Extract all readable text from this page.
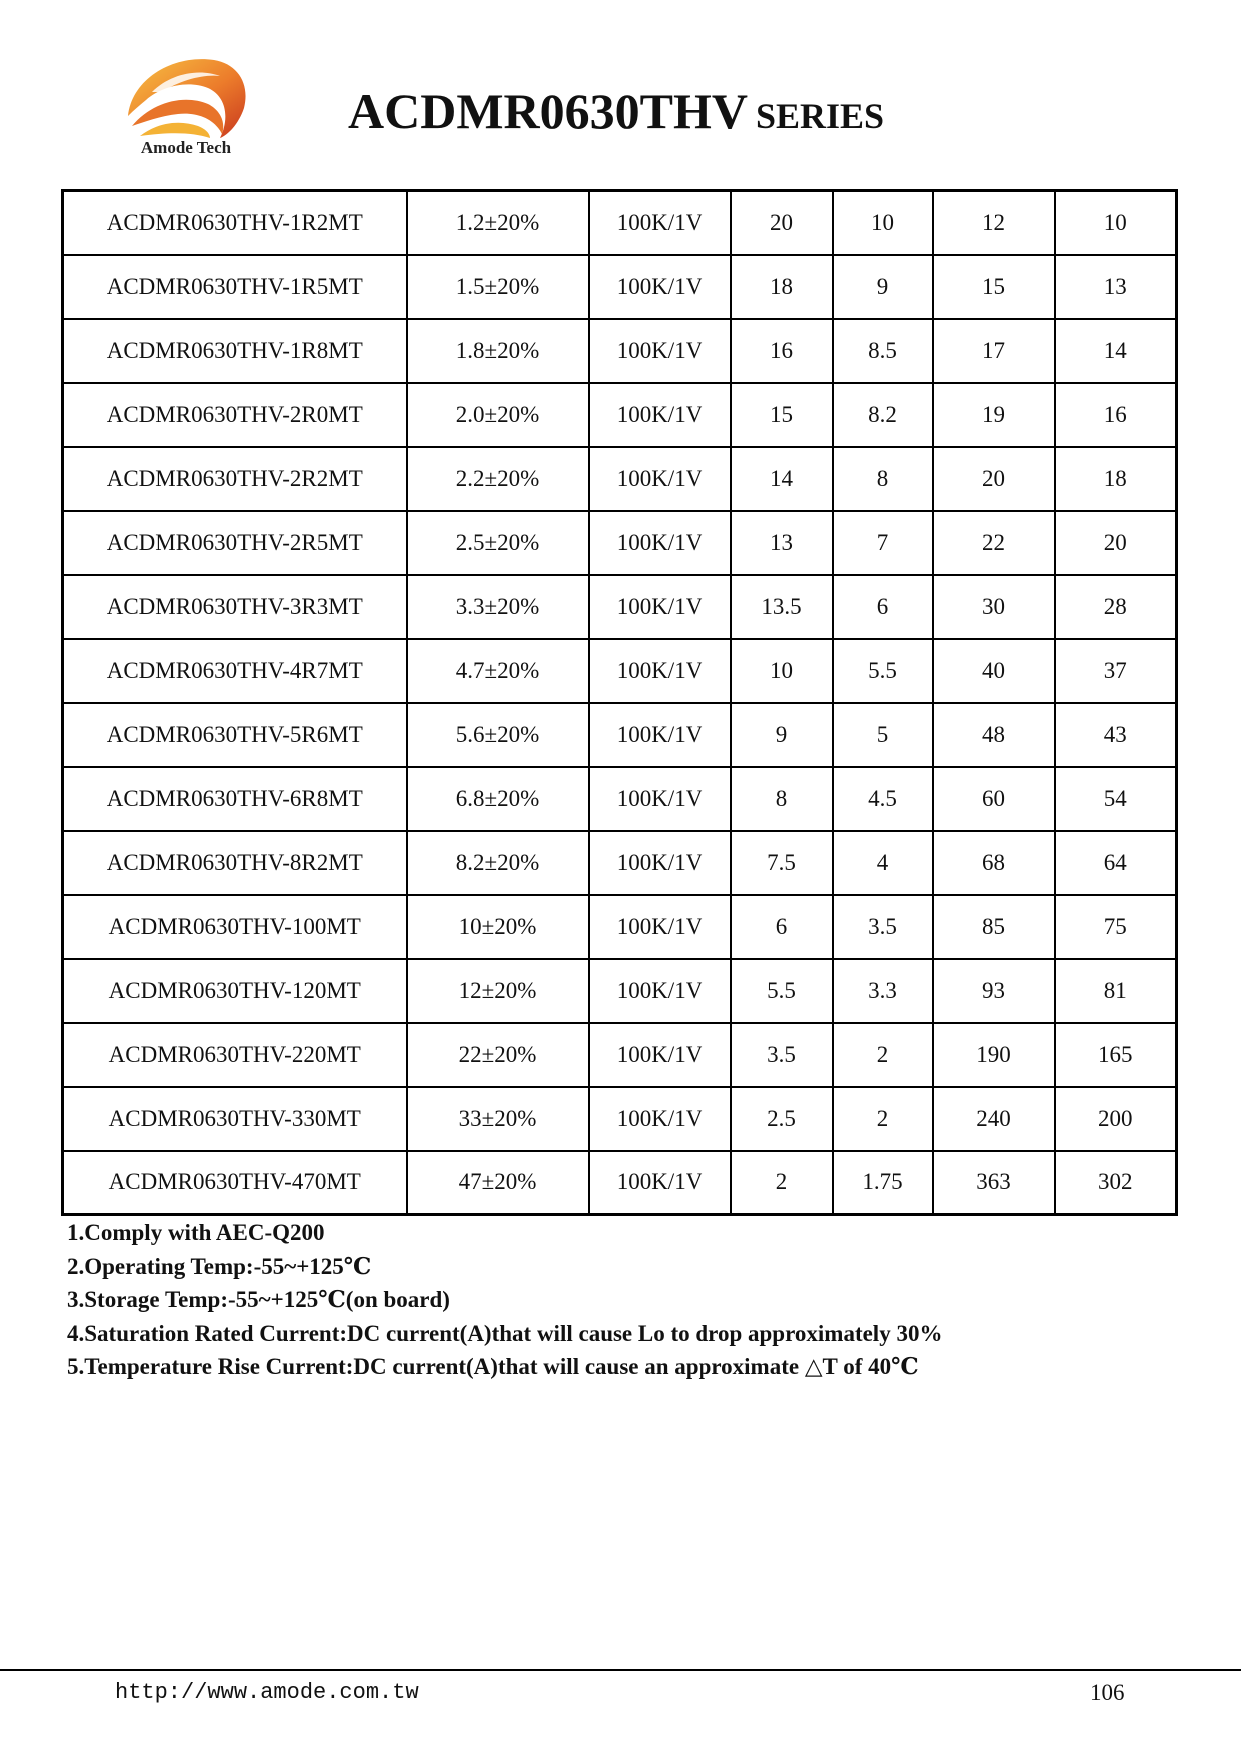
Amode Tech
ACDMR0630THV SERIES
ACDMR0630THV-1R2MT	1.2±20%	100K/1V	20	10	12	10
ACDMR0630THV-1R5MT	1.5±20%	100K/1V	18	9	15	13
ACDMR0630THV-1R8MT	1.8±20%	100K/1V	16	8.5	17	14
ACDMR0630THV-2R0MT	2.0±20%	100K/1V	15	8.2	19	16
ACDMR0630THV-2R2MT	2.2±20%	100K/1V	14	8	20	18
ACDMR0630THV-2R5MT	2.5±20%	100K/1V	13	7	22	20
ACDMR0630THV-3R3MT	3.3±20%	100K/1V	13.5	6	30	28
ACDMR0630THV-4R7MT	4.7±20%	100K/1V	10	5.5	40	37
ACDMR0630THV-5R6MT	5.6±20%	100K/1V	9	5	48	43
ACDMR0630THV-6R8MT	6.8±20%	100K/1V	8	4.5	60	54
ACDMR0630THV-8R2MT	8.2±20%	100K/1V	7.5	4	68	64
ACDMR0630THV-100MT	10±20%	100K/1V	6	3.5	85	75
ACDMR0630THV-120MT	12±20%	100K/1V	5.5	3.3	93	81
ACDMR0630THV-220MT	22±20%	100K/1V	3.5	2	190	165
ACDMR0630THV-330MT	33±20%	100K/1V	2.5	2	240	200
ACDMR0630THV-470MT	47±20%	100K/1V	2	1.75	363	302
1.Comply with AEC-Q200
2.Operating Temp:-55~+125℃
3.Storage Temp:-55~+125℃(on board)
4.Saturation Rated Current:DC current(A)that will cause Lo to drop approximately 30%
5.Temperature Rise Current:DC current(A)that will cause an approximate △T of 40℃
http://www.amode.com.tw	106
